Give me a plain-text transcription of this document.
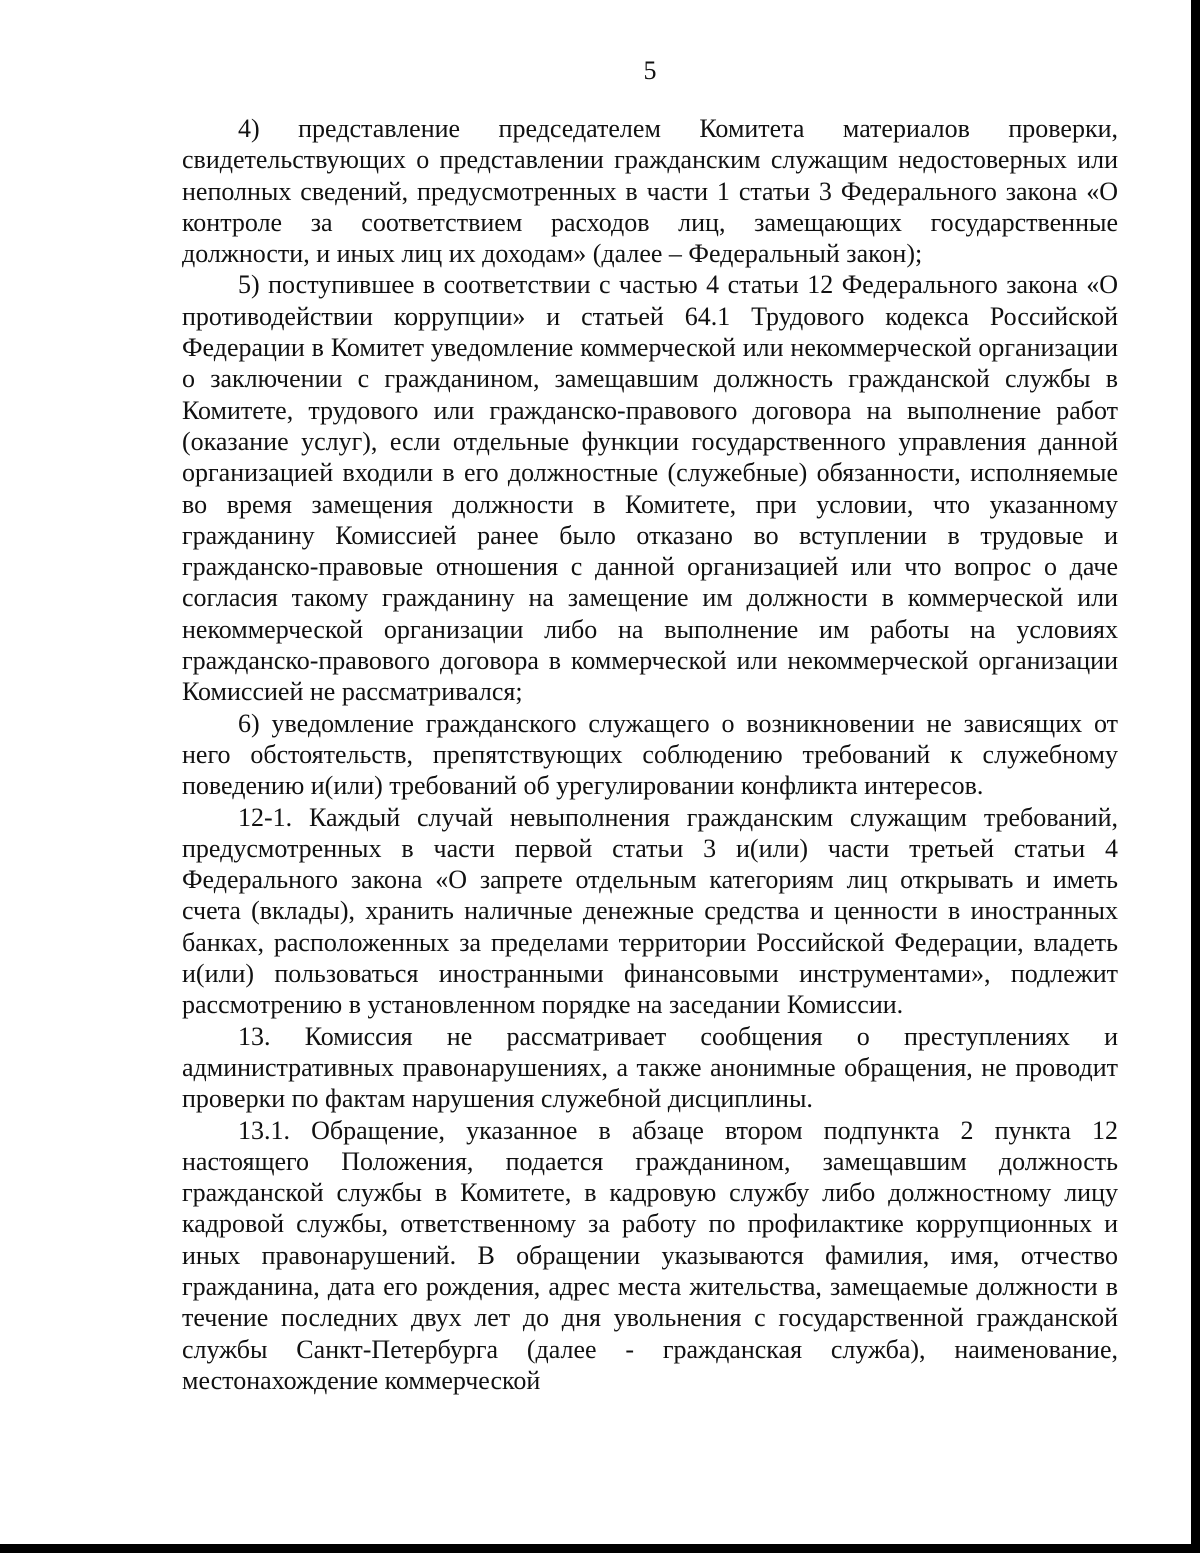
5

4) представление председателем Комитета материалов проверки, свидетельствующих о представлении гражданским служащим недостоверных или неполных сведений, предусмотренных в части 1 статьи 3 Федерального закона «О контроле за соответствием расходов лиц, замещающих государственные должности, и иных лиц их доходам» (далее – Федеральный закон);

5) поступившее в соответствии с частью 4 статьи 12 Федерального закона «О противодействии коррупции» и статьей 64.1 Трудового кодекса Российской Федерации в Комитет уведомление коммерческой или некоммерческой организации о заключении с гражданином, замещавшим должность гражданской службы в Комитете, трудового или гражданско-правового договора на выполнение работ (оказание услуг), если отдельные функции государственного управления данной организацией входили в его должностные (служебные) обязанности, исполняемые во время замещения должности в Комитете, при условии, что указанному гражданину Комиссией ранее было отказано во вступлении в трудовые и гражданско-правовые отношения с данной организацией или что вопрос о даче согласия такому гражданину на замещение им должности в коммерческой или некоммерческой организации либо на выполнение им работы на условиях гражданско-правового договора в коммерческой или некоммерческой организации Комиссией не рассматривался;

6) уведомление гражданского служащего о возникновении не зависящих от него обстоятельств, препятствующих соблюдению требований к служебному поведению и(или) требований об урегулировании конфликта интересов.

12-1. Каждый случай невыполнения гражданским служащим требований, предусмотренных в части первой статьи 3 и(или) части третьей статьи 4 Федерального закона «О запрете отдельным категориям лиц открывать и иметь счета (вклады), хранить наличные денежные средства и ценности в иностранных банках, расположенных за пределами территории Российской Федерации, владеть и(или) пользоваться иностранными финансовыми инструментами», подлежит рассмотрению в установленном порядке на заседании Комиссии.

13. Комиссия не рассматривает сообщения о преступлениях и административных правонарушениях, а также анонимные обращения, не проводит проверки по фактам нарушения служебной дисциплины.

13.1. Обращение, указанное в абзаце втором подпункта 2 пункта 12 настоящего Положения, подается гражданином, замещавшим должность гражданской службы в Комитете, в кадровую службу либо должностному лицу кадровой службы, ответственному за работу по профилактике коррупционных и иных правонарушений. В обращении указываются фамилия, имя, отчество гражданина, дата его рождения, адрес места жительства, замещаемые должности в течение последних двух лет до дня увольнения с государственной гражданской службы Санкт-Петербурга (далее - гражданская служба), наименование, местонахождение коммерческой
